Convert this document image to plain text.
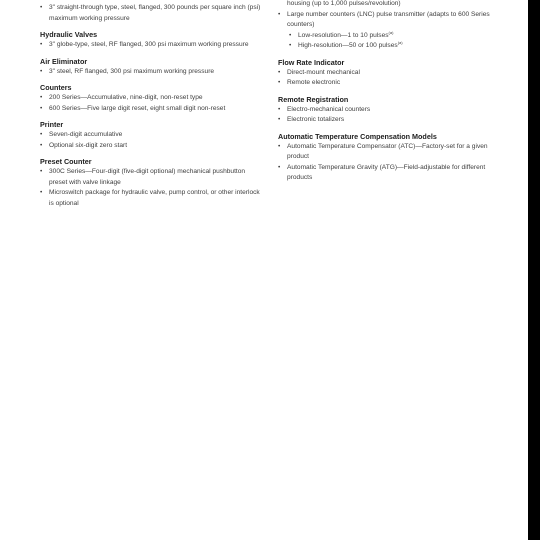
•	3" straight-through type, steel, flanged, 300 pounds per square inch (psi) maximum working pressure
Hydraulic Valves
•	3" globe-type, steel, RF flanged, 300 psi maximum working pressure
Air Eliminator
•	3" steel, RF flanged, 300 psi maximum working pressure
Counters
•	200 Series—Accumulative, nine-digit, non-reset type
•	600 Series—Five large digit reset, eight small digit non-reset
Printer
•	Seven-digit accumulative
•	Optional six-digit zero start
Preset Counter
•	300C Series—Four-digit (five-digit optional) mechanical pushbutton preset with valve linkage
•	Microswitch package for hydraulic valve, pump control, or other interlock is optional
housing (up to 1,000 pulses/revolution)
•	Large number counters (LNC) pulse transmitter (adapts to 600 Series counters)
• Low-resolution—1 to 10 pulses$^{(a)}$
• High-resolution—50 or 100 pulses$^{(a)}$
Flow Rate Indicator
•	Direct-mount mechanical
•	Remote electronic
Remote Registration
•	Electro-mechanical counters
•	Electronic totalizers
Automatic Temperature Compensation Models
•	Automatic Temperature Compensator (ATC)—Factory-set for a given product
•	Automatic Temperature Gravity (ATG)—Field-adjustable for different products
